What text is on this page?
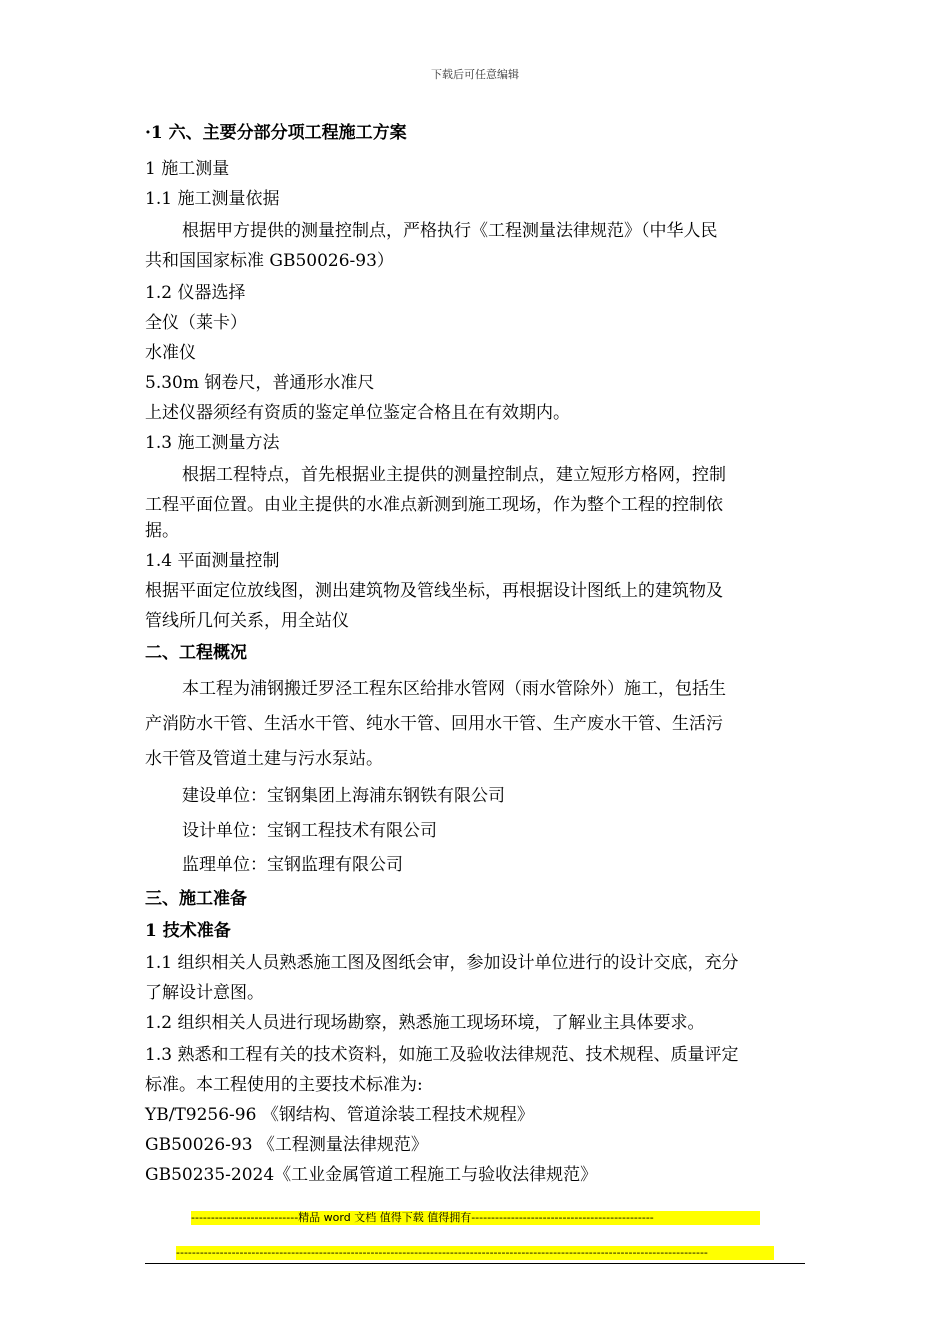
下载后可任意编辑
·1 六、主要分部分项工程施工方案
1 施工测量
1.1 施工测量依据
根据甲方提供的测量控制点，严格执行《工程测量法律规范》（中华人民
共和国国家标准 GB50026-93）
1.2 仪器选择
全仪（莱卡）
水准仪
5.30m 钢卷尺，普通形水准尺
上述仪器须经有资质的鉴定单位鉴定合格且在有效期内。
1.3 施工测量方法
根据工程特点，首先根据业主提供的测量控制点，建立短形方格网，控制
工程平面位置。由业主提供的水准点新测到施工现场，作为整个工程的控制依
据。
1.4 平面测量控制
根据平面定位放线图，测出建筑物及管线坐标，再根据设计图纸上的建筑物及
管线所几何关系，用全站仪
二、工程概况
本工程为浦钢搬迁罗泾工程东区给排水管网（雨水管除外）施工，包括生
产消防水干管、生活水干管、纯水干管、回用水干管、生产废水干管、生活污
水干管及管道土建与污水泵站。
建设单位：宝钢集团上海浦东钢铁有限公司
设计单位：宝钢工程技术有限公司
监理单位：宝钢监理有限公司
三、施工准备
1 技术准备
1.1 组织相关人员熟悉施工图及图纸会审，参加设计单位进行的设计交底，充分
了解设计意图。
1.2 组织相关人员进行现场勘察，熟悉施工现场环境，了解业主具体要求。
1.3 熟悉和工程有关的技术资料，如施工及验收法律规范、技术规程、质量评定
标准。本工程使用的主要技术标准为:
YB/T9256-96 《钢结构、管道涂装工程技术规程》
GB50026-93 《工程测量法律规范》
GB50235-2024《工业金属管道工程施工与验收法律规范》
---------------------------精品 word 文档 值得下载 值得拥有----------------------------------------------
--------------------------------------------------------------------------------------------------------------------------------------
